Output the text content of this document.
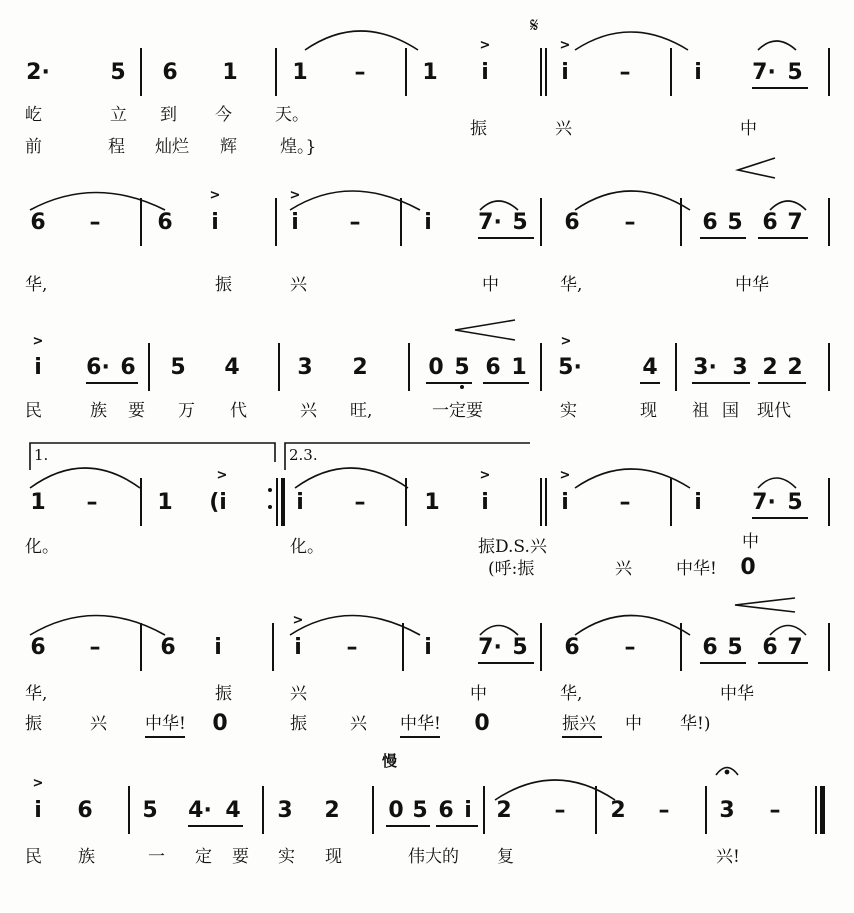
𝄋
2·	5 6 1 1 –	1 i
>
i
>
–	i 7· 5
屹	立 到 今	天。
振	兴	中
前	程 灿烂 辉	煌。}
6 –	6 i
>
i
>
–	i 7· 5 6 –	6 5 6 7
华,	振	兴	中	华,	中华
i
>
6· 6 5 4	3 2	0 5 6 1 5·
>
4 3· 3 2 2
民	族 要 万 代	兴 旺,	一定要	实	现 祖 国 现代
1.	2.3.
1 –	1 (i
>
i –	1 i
>
i
>
–	i 7· 5
化。	化。	振D.S.兴	中
(呼:振	兴	中华! 0
6 –	6 i	i
>
–	i 7· 5 6 –	6 5 6 7
华,	振	兴	中	华,	中华
振	兴 中华! 0	振	兴 中华! 0	振兴 中 华!)
慢
i
>
6 5 4· 4 3 2 0 5 6 i 2 – 2 – 3 –
民 族	一 定 要 实 现	伟大的 复	兴!
